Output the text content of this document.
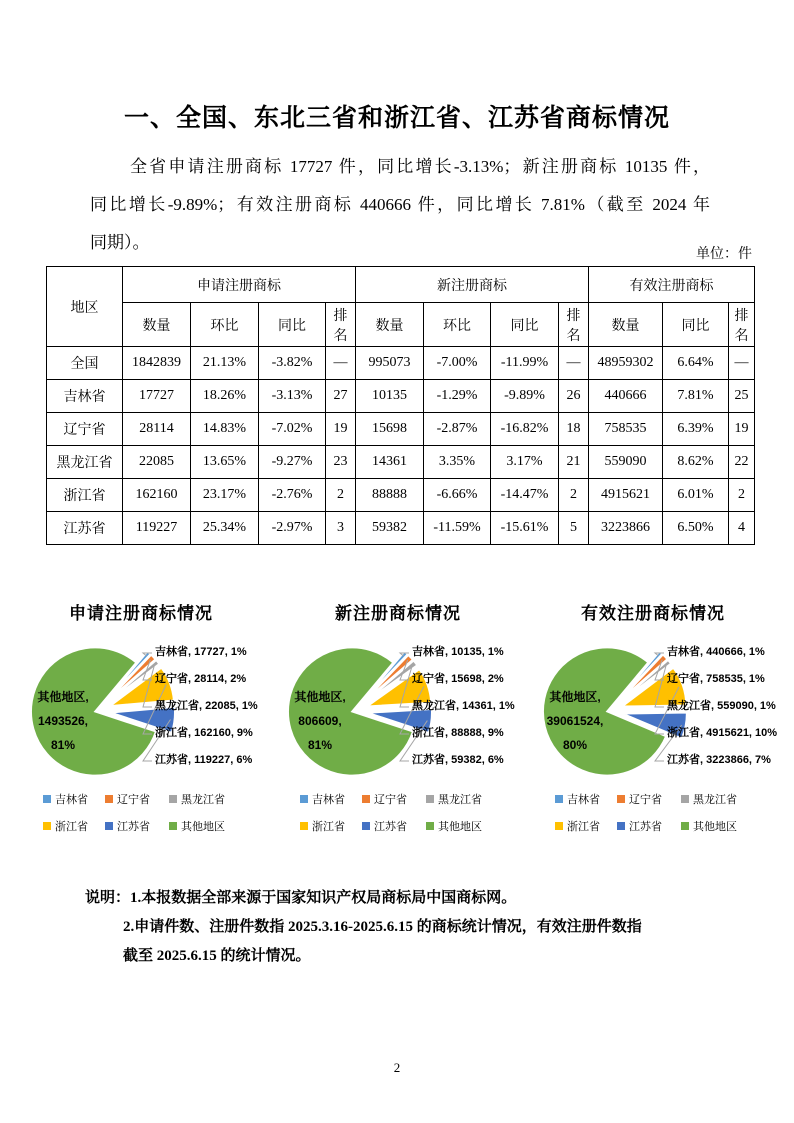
一、全国、东北三省和浙江省、江苏省商标情况
全省申请注册商标 17727 件，同比增长-3.13%；新注册商标 10135 件，
同比增长-9.89%；有效注册商标 440666 件，同比增长 7.81%（截至 2024 年
同期）。
单位：件
地区	申请注册商标				新注册商标				有效注册商标		
	数量	环比	同比	排名	数量	环比	同比	排名	数量	同比	排名
全国	1842839	21.13%	-3.82%	—	995073	-7.00%	-11.99%	—	48959302	6.64%	—
吉林省	17727	18.26%	-3.13%	27	10135	-1.29%	-9.89%	26	440666	7.81%	25
辽宁省	28114	14.83%	-7.02%	19	15698	-2.87%	-16.82%	18	758535	6.39%	19
黑龙江省	22085	13.65%	-9.27%	23	14361	3.35%	3.17%	21	559090	8.62%	22
浙江省	162160	23.17%	-2.76%	2	88888	-6.66%	-14.47%	2	4915621	6.01%	2
江苏省	119227	25.34%	-2.97%	3	59382	-11.59%	-15.61%	5	3223866	6.50%	4
申请注册商标情况
吉林省, 17727, 1%
辽宁省, 28114, 2%
黑龙江省, 22085, 1%
浙江省, 162160, 9%
江苏省, 119227, 6%
其他地区,
1493526,
81%
吉林省	辽宁省	黑龙江省
浙江省	江苏省	其他地区
新注册商标情况
吉林省, 10135, 1%
辽宁省, 15698, 2%
黑龙江省, 14361, 1%
浙江省, 88888, 9%
江苏省, 59382, 6%
其他地区,
806609,
81%
吉林省	辽宁省	黑龙江省
浙江省	江苏省	其他地区
有效注册商标情况
吉林省, 440666, 1%
辽宁省, 758535, 1%
黑龙江省, 559090, 1%
浙江省, 4915621, 10%
江苏省, 3223866, 7%
其他地区,
39061524,
80%
吉林省	辽宁省	黑龙江省
浙江省	江苏省	其他地区
说明：1.本报数据全部来源于国家知识产权局商标局中国商标网。
2.申请件数、注册件数指 2025.3.16-2025.6.15 的商标统计情况，有效注册件数指
截至 2025.6.15 的统计情况。
2
